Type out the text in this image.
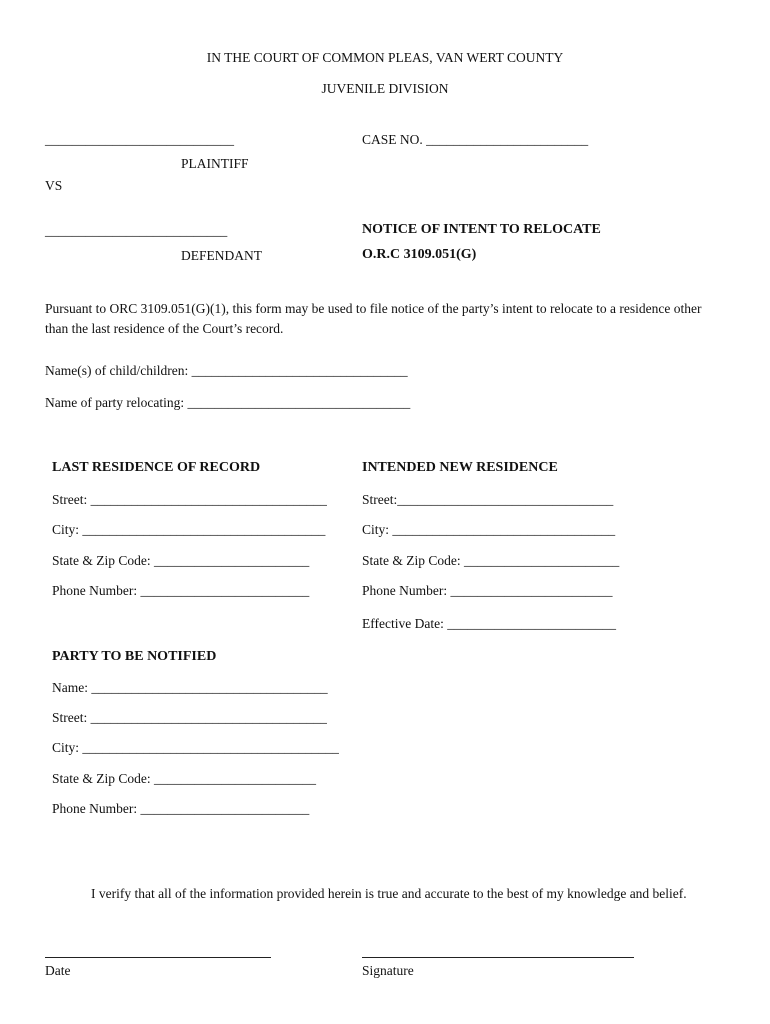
IN THE COURT OF COMMON PLEAS, VAN WERT COUNTY
JUVENILE DIVISION
____________________________
PLAINTIFF
VS
___________________________
DEFENDANT
CASE NO. ________________________
NOTICE OF INTENT TO RELOCATE
O.R.C 3109.051(G)
Pursuant to ORC 3109.051(G)(1), this form may be used to file notice of the party’s intent to relocate to a residence other than the last residence of the Court’s record.
Name(s) of child/children: ________________________________
Name of party relocating: _________________________________
LAST RESIDENCE OF RECORD
Street: ___________________________________
City: ____________________________________
State & Zip Code: _______________________
Phone Number: _________________________
INTENDED NEW RESIDENCE
Street:________________________________
City: _________________________________
State & Zip Code: _______________________
Phone Number: ________________________
Effective Date: _________________________
PARTY TO BE NOTIFIED
Name: ___________________________________
Street: ___________________________________
City: ______________________________________
State & Zip Code: ________________________
Phone Number: _________________________
I verify that all of the information provided herein is true and accurate to the best of my knowledge and belief.
Date	Signature
